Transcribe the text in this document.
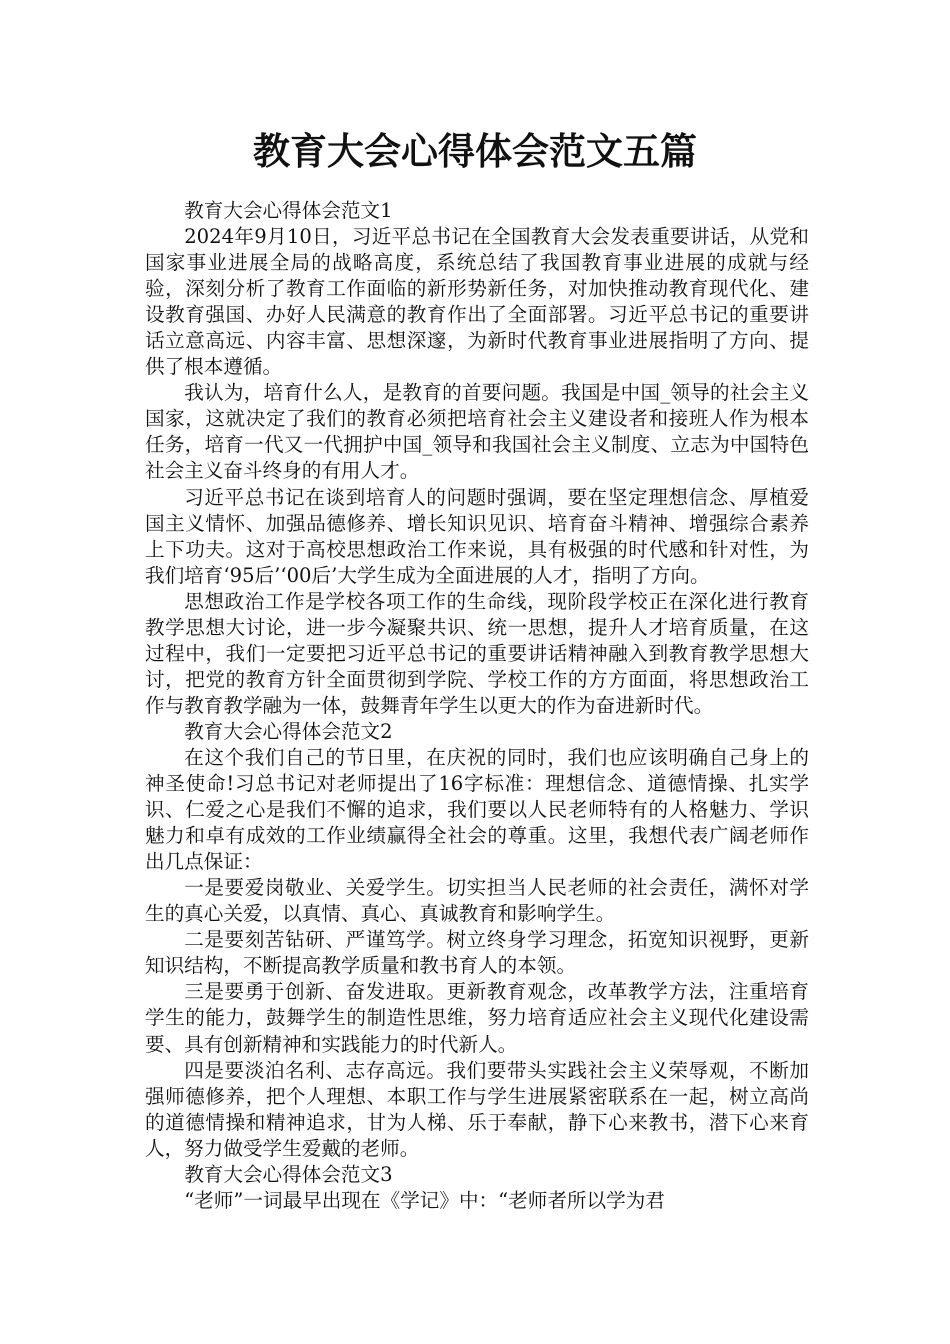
教育大会心得体会范文五篇

教育大会心得体会范文1

2024年9月10日，习近平总书记在全国教育大会发表重要讲话，从党和国家事业进展全局的战略高度，系统总结了我国教育事业进展的成就与经验，深刻分析了教育工作面临的新形势新任务，对加快推动教育现代化、建设教育强国、办好人民满意的教育作出了全面部署。习近平总书记的重要讲话立意高远、内容丰富、思想深邃，为新时代教育事业进展指明了方向、提供了根本遵循。

我认为，培育什么人，是教育的首要问题。我国是中国_领导的社会主义国家，这就决定了我们的教育必须把培育社会主义建设者和接班人作为根本任务，培育一代又一代拥护中国_领导和我国社会主义制度、立志为中国特色社会主义奋斗终身的有用人才。

习近平总书记在谈到培育人的问题时强调，要在坚定理想信念、厚植爱国主义情怀、加强品德修养、增长知识见识、培育奋斗精神、增强综合素养上下功夫。这对于高校思想政治工作来说，具有极强的时代感和针对性，为我们培育‘95后’‘00后’大学生成为全面进展的人才，指明了方向。

思想政治工作是学校各项工作的生命线，现阶段学校正在深化进行教育教学思想大讨论，进一步今凝聚共识、统一思想，提升人才培育质量，在这过程中，我们一定要把习近平总书记的重要讲话精神融入到教育教学思想大讨，把党的教育方针全面贯彻到学院、学校工作的方方面面，将思想政治工作与教育教学融为一体，鼓舞青年学生以更大的作为奋进新时代。

教育大会心得体会范文2

在这个我们自己的节日里，在庆祝的同时，我们也应该明确自己身上的神圣使命!习总书记对老师提出了16字标准：理想信念、道德情操、扎实学识、仁爱之心是我们不懈的追求，我们要以人民老师特有的人格魅力、学识魅力和卓有成效的工作业绩赢得全社会的尊重。这里，我想代表广阔老师作出几点保证：

一是要爱岗敬业、关爱学生。切实担当人民老师的社会责任，满怀对学生的真心关爱，以真情、真心、真诚教育和影响学生。

二是要刻苦钻研、严谨笃学。树立终身学习理念，拓宽知识视野，更新知识结构，不断提高教学质量和教书育人的本领。

三是要勇于创新、奋发进取。更新教育观念，改革教学方法，注重培育学生的能力，鼓舞学生的制造性思维，努力培育适应社会主义现代化建设需要、具有创新精神和实践能力的时代新人。

四是要淡泊名利、志存高远。我们要带头实践社会主义荣辱观，不断加强师德修养，把个人理想、本职工作与学生进展紧密联系在一起，树立高尚的道德情操和精神追求，甘为人梯、乐于奉献，静下心来教书，潜下心来育人，努力做受学生爱戴的老师。

教育大会心得体会范文3

“老师”一词最早出现在《学记》中：“老师者所以学为君
